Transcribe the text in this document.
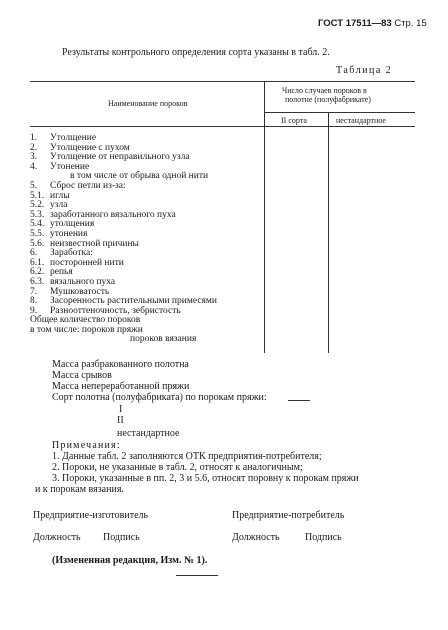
ГОСТ 17511—83 Стр. 15
Результаты контрольного определения сорта указаны в табл. 2.
Таблица 2
Наименование пороков
Число случаев пороков в
полотне (полуфабрикате)
II сорта	нестандартное
1. Утолщение
2. Утолщение с пухом
3. Утолщение от неправильного узла
4. Утонение
в том числе от обрыва одной нити
5. Сброс петли из-за:
5.1. иглы
5.2. узла
5.3. заработанного вязального пуха
5.4. утолщения
5.5. утонения
5.6. неизвестной причины
6. Заработка:
6.1. посторонней нити
6.2. репья
6.3. вязального пуха
7. Мушковатость
8. Засоренность растительными примесями
9. Разнооттеночность, зебристость
Общее количество пороков
в том числе: пороков пряжи
пороков вязания
Масса разбракованного полотна
Масса срывов
Масса непереработанной пряжи
Сорт полотна (полуфабриката) по порокам пряжи:
I
II
нестандартное
Примечания:
1. Данные табл. 2 заполняются ОТК предприятия-потребителя;
2. Пороки, не указанные в табл. 2, относят к аналогичным;
3. Пороки, указанные в пп. 2, 3 и 5.6, относят поровну к порокам пряжи
и к порокам вязания.
Предприятие-изготовитель	Предприятие-потребитель
Должность Подпись	Должность	Подпись
(Измененная редакция, Изм. № 1).
